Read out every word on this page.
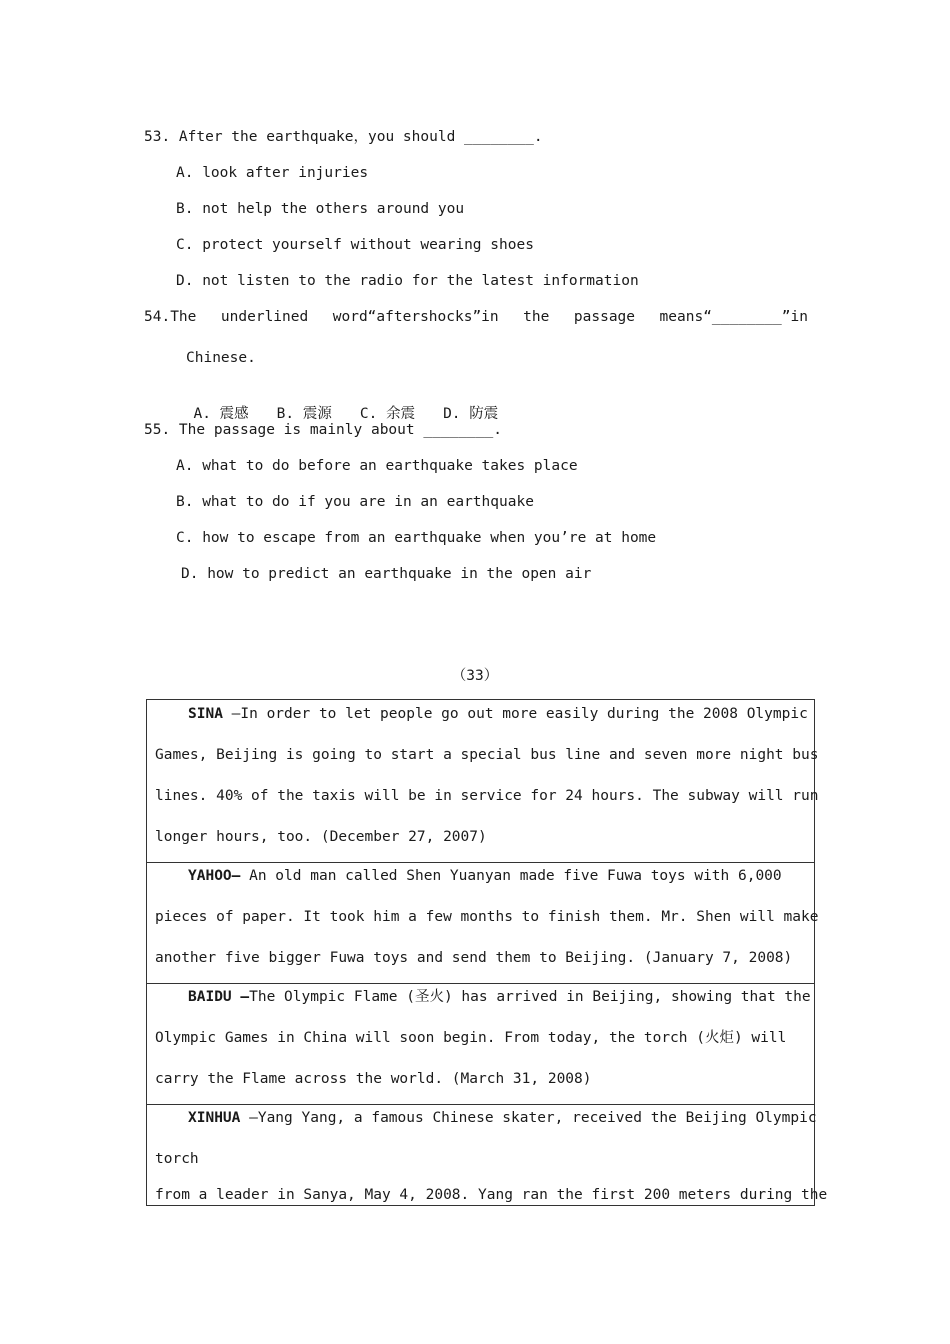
53. After the earthquake，you should ________.
A. look after injuries
B. not help the others around you
C. protect yourself without wearing shoes
D. not listen to the radio for the latest information
54.The underlined word“aftershocks”in the passage means“________”in
Chinese.

A. 震感 B. 震源 C. 余震 D. 防震

55. The passage is mainly about ________.
A. what to do before an earthquake takes place
B. what to do if you are in an earthquake
C. how to escape from an earthquake when you’re at home
D. how to predict an earthquake in the open air
（33）
SINA —In order to let people go out more easily during the 2008 Olympic
Games, Beijing is going to start a special bus line and seven more night bus
lines. 40% of the taxis will be in service for 24 hours. The subway will run
longer hours, too. (December 27, 2007)
YAHOO— An old man called Shen Yuanyan made five Fuwa toys with 6,000
pieces of paper. It took him a few months to finish them. Mr. Shen will make
another five bigger Fuwa toys and send them to Beijing. (January 7, 2008)
BAIDU —The Olympic Flame (圣火) has arrived in Beijing, showing that the
Olympic Games in China will soon begin. From today, the torch (火炬) will
carry the Flame across the world. (March 31, 2008)
XINHUA —Yang Yang, a famous Chinese skater, received the Beijing Olympic
torch
from a leader in Sanya, May 4, 2008. Yang ran the first 200 meters during the
